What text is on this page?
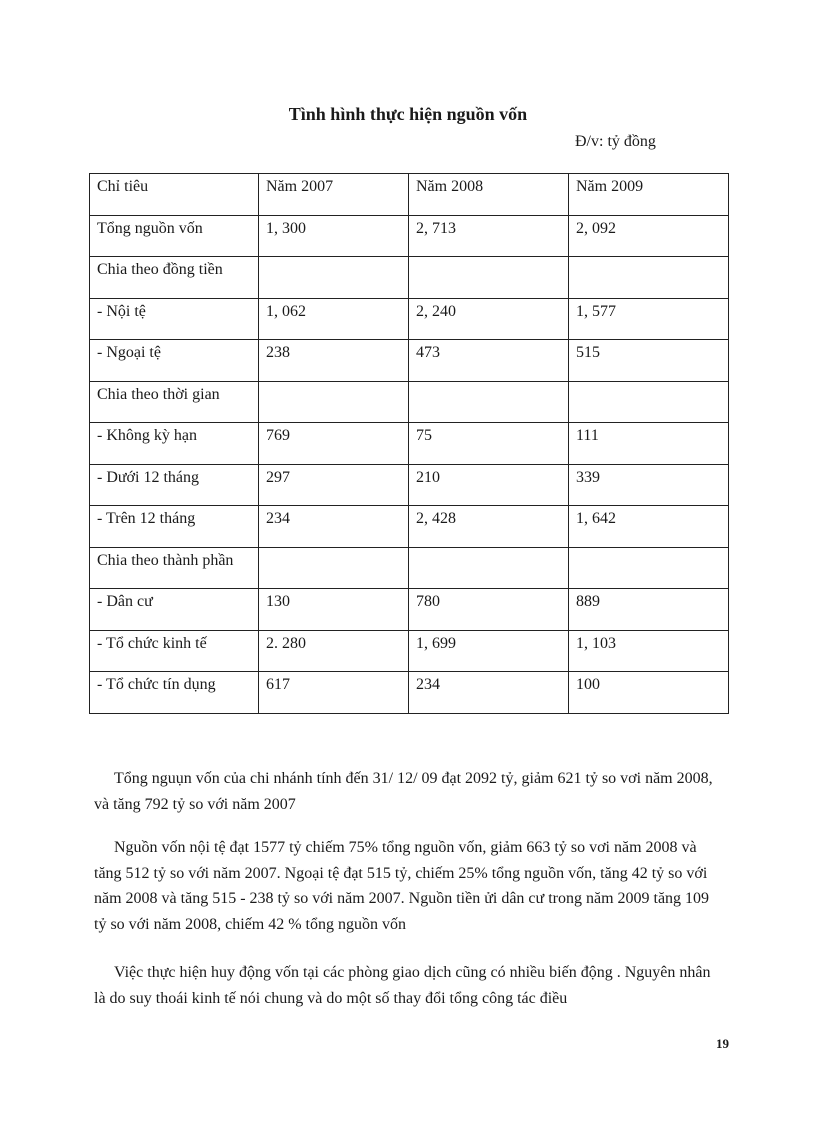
Tình hình thực hiện nguồn vốn
Đ/v: tỷ đồng
Chỉ tiêu	Năm 2007	Năm 2008	Năm 2009
Tổng nguồn vốn	1, 300	2, 713	2, 092
Chia theo đồng tiền			
- Nội tệ	1, 062	2, 240	1, 577
- Ngoại tệ	238	473	515
Chia theo thời gian			
- Không kỳ hạn	769	75	111
- Dưới 12 tháng	297	210	339
- Trên 12 tháng	234	2, 428	1, 642
Chia theo thành phần			
- Dân cư	130	780	889
- Tổ chức kinh tế	2. 280	1, 699	1, 103
- Tổ chức tín dụng	617	234	100

Tổng nguụn vốn của chi nhánh tính đến 31/ 12/ 09 đạt 2092 tỷ, giảm 621 tỷ so vơi năm 2008, và tăng 792 tỷ so với năm 2007

Nguồn vốn nội tệ đạt 1577 tỷ chiếm 75% tổng nguồn vốn, giảm 663 tỷ so vơi năm 2008 và tăng 512 tỷ so với năm 2007. Ngoại tệ đạt 515 tỷ, chiếm 25% tổng nguồn vốn, tăng 42 tỷ so với năm 2008 và tăng 515 - 238 tỷ so với năm 2007. Nguồn tiền ửi dân cư trong năm 2009 tăng 109 tỷ so với năm 2008, chiếm 42 % tổng nguồn vốn

Việc thực hiện huy động vốn tại các phòng giao dịch cũng có nhiều biến động . Nguyên nhân là do suy thoái kinh tế nói chung và do một số thay đổi tổng công tác điều

19
